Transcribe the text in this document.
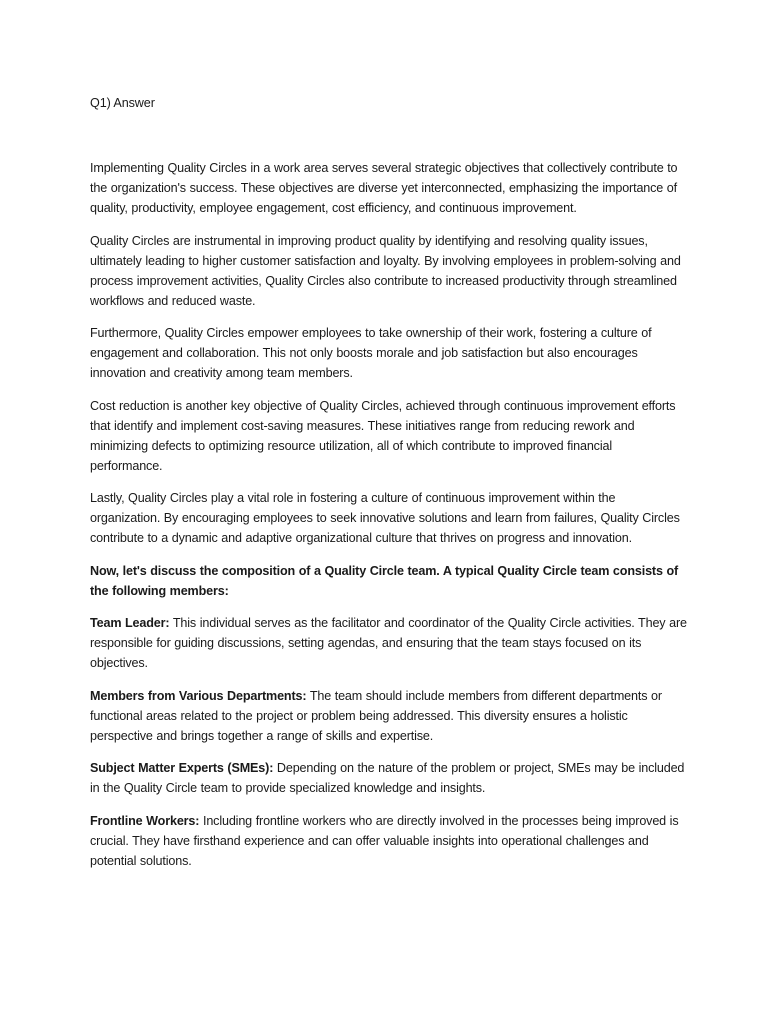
Q1) Answer

Implementing Quality Circles in a work area serves several strategic objectives that collectively contribute to the organization's success. These objectives are diverse yet interconnected, emphasizing the importance of quality, productivity, employee engagement, cost efficiency, and continuous improvement.

Quality Circles are instrumental in improving product quality by identifying and resolving quality issues, ultimately leading to higher customer satisfaction and loyalty. By involving employees in problem-solving and process improvement activities, Quality Circles also contribute to increased productivity through streamlined workflows and reduced waste.

Furthermore, Quality Circles empower employees to take ownership of their work, fostering a culture of engagement and collaboration. This not only boosts morale and job satisfaction but also encourages innovation and creativity among team members.

Cost reduction is another key objective of Quality Circles, achieved through continuous improvement efforts that identify and implement cost-saving measures. These initiatives range from reducing rework and minimizing defects to optimizing resource utilization, all of which contribute to improved financial performance.

Lastly, Quality Circles play a vital role in fostering a culture of continuous improvement within the organization. By encouraging employees to seek innovative solutions and learn from failures, Quality Circles contribute to a dynamic and adaptive organizational culture that thrives on progress and innovation.

Now, let's discuss the composition of a Quality Circle team. A typical Quality Circle team consists of the following members:

Team Leader: This individual serves as the facilitator and coordinator of the Quality Circle activities. They are responsible for guiding discussions, setting agendas, and ensuring that the team stays focused on its objectives.

Members from Various Departments: The team should include members from different departments or functional areas related to the project or problem being addressed. This diversity ensures a holistic perspective and brings together a range of skills and expertise.

Subject Matter Experts (SMEs): Depending on the nature of the problem or project, SMEs may be included in the Quality Circle team to provide specialized knowledge and insights.

Frontline Workers: Including frontline workers who are directly involved in the processes being improved is crucial. They have firsthand experience and can offer valuable insights into operational challenges and potential solutions.
